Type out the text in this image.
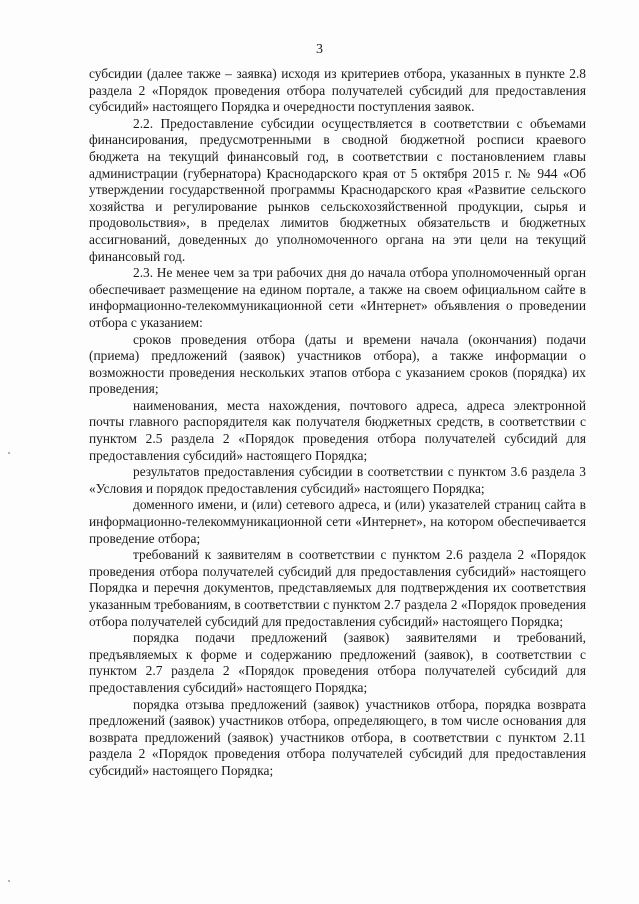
3

субсидии (далее также – заявка) исходя из критериев отбора, указанных в пункте 2.8 раздела 2 «Порядок проведения отбора получателей субсидий для предоставления субсидий» настоящего Порядка и очередности поступления заявок.

2.2. Предоставление субсидии осуществляется в соответствии с объемами финансирования, предусмотренными в сводной бюджетной росписи краевого бюджета на текущий финансовый год, в соответствии с постановлением главы администрации (губернатора) Краснодарского края от 5 октября 2015 г. № 944 «Об утверждении государственной программы Краснодарского края «Развитие сельского хозяйства и регулирование рынков сельскохозяйственной продукции, сырья и продовольствия», в пределах лимитов бюджетных обязательств и бюджетных ассигнований, доведенных до уполномоченного органа на эти цели на текущий финансовый год.

2.3. Не менее чем за три рабочих дня до начала отбора уполномоченный орган обеспечивает размещение на едином портале, а также на своем официальном сайте в информационно-телекоммуникационной сети «Интернет» объявления о проведении отбора с указанием:

сроков проведения отбора (даты и времени начала (окончания) подачи (приема) предложений (заявок) участников отбора), а также информации о возможности проведения нескольких этапов отбора с указанием сроков (порядка) их проведения;

наименования, места нахождения, почтового адреса, адреса электронной почты главного распорядителя как получателя бюджетных средств, в соответствии с пунктом 2.5 раздела 2 «Порядок проведения отбора получателей субсидий для предоставления субсидий» настоящего Порядка;

результатов предоставления субсидии в соответствии с пунктом 3.6 раздела 3 «Условия и порядок предоставления субсидий» настоящего Порядка;

доменного имени, и (или) сетевого адреса, и (или) указателей страниц сайта в информационно-телекоммуникационной сети «Интернет», на котором обеспечивается проведение отбора;

требований к заявителям в соответствии с пунктом 2.6 раздела 2 «Порядок проведения отбора получателей субсидий для предоставления субсидий» настоящего Порядка и перечня документов, представляемых для подтверждения их соответствия указанным требованиям, в соответствии с пунктом 2.7 раздела 2 «Порядок проведения отбора получателей субсидий для предоставления субсидий» настоящего Порядка;

порядка подачи предложений (заявок) заявителями и требований, предъявляемых к форме и содержанию предложений (заявок), в соответствии с пунктом 2.7 раздела 2 «Порядок проведения отбора получателей субсидий для предоставления субсидий» настоящего Порядка;

порядка отзыва предложений (заявок) участников отбора, порядка возврата предложений (заявок) участников отбора, определяющего, в том числе основания для возврата предложений (заявок) участников отбора, в соответствии с пунктом 2.11 раздела 2 «Порядок проведения отбора получателей субсидий для предоставления субсидий» настоящего Порядка;
